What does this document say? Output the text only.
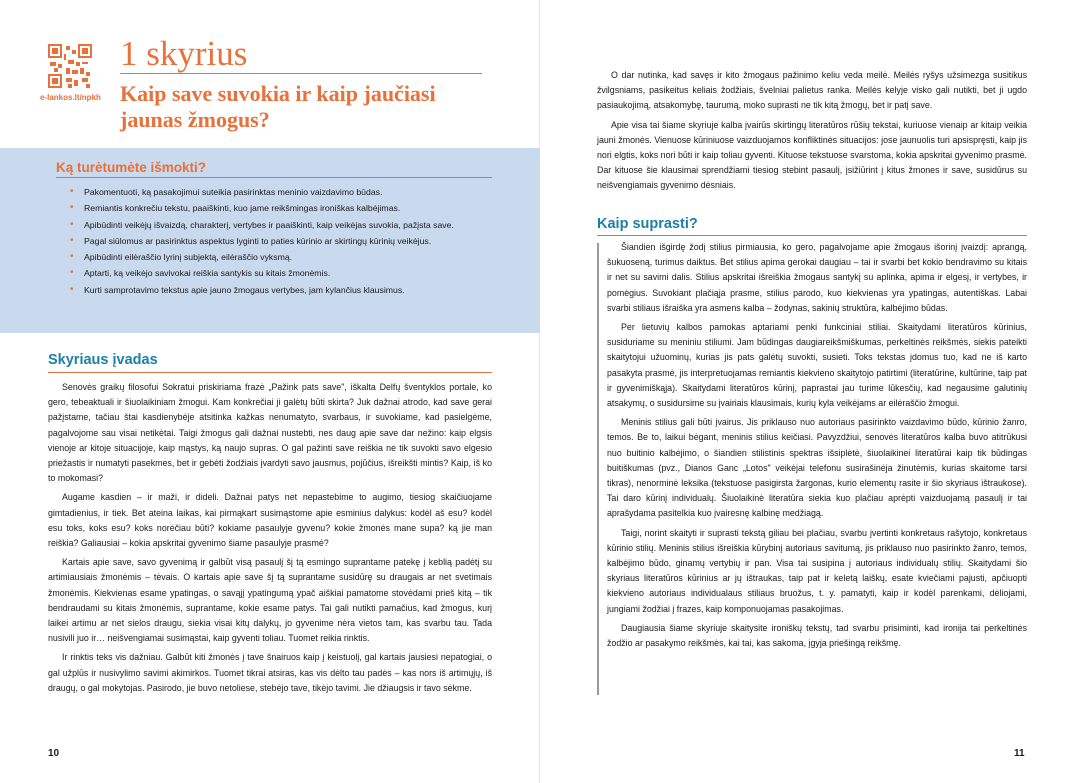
e-lankos.lt/npkh
1 skyrius
Kaip save suvokia ir kaip jaučiasi jaunas žmogus?
Ką turėtumėte išmokti?
• Pakomentuoti, ką pasakojimui suteikia pasirinktas meninio vaizdavimo būdas.
• Remiantis konkrečiu tekstu, paaiškinti, kuo jame reikšmingas ironiškas kalbėjimas.
• Apibūdinti veikėjų išvaizdą, charakterį, vertybes ir paaiškinti, kaip veikėjas suvokia, pažįsta save.
• Pagal siūlomus ar pasirinktus aspektus lyginti to paties kūrinio ar skirtingų kūrinių veikėjus.
• Apibūdinti eilėraščio lyrinį subjektą, eilėraščio vyksmą.
• Aptarti, ką veikėjo savivokai reiškia santykis su kitais žmonėmis.
• Kurti samprotavimo tekstus apie jauno žmogaus vertybes, jam kylančius klausimus.
Skyriaus įvadas

Senovės graikų filosofui Sokratui priskiriama frazė „Pažink pats save", iškalta Delfų šventyklos portale, ko gero, tebeaktuali ir šiuolaikiniam žmogui. Kam konkrečiai ji galėtų būti skirta? Juk dažnai atrodo, kad save gerai pažįstame, tačiau štai kasdienybėje atsitinka kažkas nenumatyto, svarbaus, ir suvokiame, kad pasielgėme, pagalvojome sau visai netikėtai. Taigi žmogus gali dažnai nustebti, nes daug apie save dar nežino: kaip elgsis vienoje ar kitoje situacijoje, kaip mąstys, ką naujo supras. O gal pažinti save reiškia ne tik suvokti savo elgesio priežastis ir numatyti pasekmes, bet ir gebėti žodžiais įvardyti savo jausmus, pojūčius, išreikšti mintis? Kaip, iš ko to mokomasi?

Augame kasdien – ir maži, ir dideli. Dažnai patys net nepastebime to augimo, tiesiog skaičiuojame gimtadienius, ir tiek. Bet ateina laikas, kai pirmąkart susimąstome apie esminius dalykus: kodėl aš esu? kodėl esu toks, koks esu? koks norėčiau būti? kokiame pasaulyje gyvenu? kokie žmonės mane supa? ką jie man reiškia? Galiausiai – kokia apskritai gyvenimo šiame pasaulyje prasmė?

Kartais apie save, savo gyvenimą ir galbūt visą pasaulį šį tą esmingo suprantame patekę į keblią padėtį su artimiausiais žmonėmis – tėvais. O kartais apie save šį tą suprantame susidūrę su draugais ar net svetimais žmonėmis. Kiekvienas esame ypatingas, o savąjį ypatingumą ypač aiškiai pamatome stovėdami prieš kitą – tik bendraudami su kitais žmonėmis, suprantame, kokie esame patys. Tai gali nutikti pamačius, kad žmogus, kurį laikei artimu ar net sielos draugu, siekia visai kitų dalykų, jo gyvenime nėra vietos tam, kas svarbu tau. Tada nusivili juo ir… neišvengiamai susimąstai, kaip gyventi toliau. Tuomet reikia rinktis.

Ir rinktis teks vis dažniau. Galbūt kiti žmonės į tave šnairuos kaip į keistuolį, gal kartais jausiesi nepatogiai, o gal užplūs ir nusivylimo savimi akimirkos. Tuomet tikrai atsiras, kas vis dėlto tau padės – kas nors iš artimųjų, iš draugų, o gal mokytojas. Pasirodo, jie buvo netoliese, stebėjo tave, tikėjo tavimi. Jie džiaugsis ir tavo sėkme.

10

O dar nutinka, kad savęs ir kito žmogaus pažinimo keliu veda meilė. Meilės ryšys užsimezga susitikus žvilgsniams, pasikeitus keliais žodžiais, švelniai palietus ranka. Meilės kelyje visko gali nutikti, bet ji ugdo pasiaukojimą, atsakomybę, taurumą, moko suprasti ne tik kitą žmogų, bet ir patį save.

Apie visa tai šiame skyriuje kalba įvairūs skirtingų literatūros rūšių tekstai, kuriuose vienaip ar kitaip veikia jauni žmonės. Vienuose kūriniuose vaizduojamos konfliktinės situacijos: jose jaunuolis turi apsispręsti, kaip jis nori elgtis, koks nori būti ir kaip toliau gyventi. Kituose tekstuose svarstoma, kokia apskritai gyvenimo prasmė. Dar kituose šie klausimai sprendžiami tiesiog stebint pasaulį, įsižiūrint į kitus žmones ir save, susidūrus su neišvengiamais gyvenimo dėsniais.

Kaip suprasti?

Šiandien išgirdę žodį stilius pirmiausia, ko gero, pagalvojame apie žmogaus išorinį įvaizdį: aprangą, šukuoseną, turimus daiktus. Bet stilius apima gerokai daugiau – tai ir svarbi bet kokio bendravimo su kitais ir net su savimi dalis. Stilius apskritai išreiškia žmogaus santykį su aplinka, apima ir elgesį, ir vertybes, ir pomėgius. Suvokiant plačiąja prasme, stilius parodo, kuo kiekvienas yra ypatingas, autentiškas. Labai svarbi stiliaus išraiška yra asmens kalba – žodynas, sakinių struktūra, kalbėjimo būdas.

Per lietuvių kalbos pamokas aptariami penki funkciniai stiliai. Skaitydami literatūros kūrinius, susiduriame su meniniu stiliumi. Jam būdingas daugiareikšmiškumas, perkeltinės reikšmės, siekis pateikti skaitytojui užuominų, kurias jis pats galėtų suvokti, susieti. Toks tekstas įdomus tuo, kad ne iš karto pasakyta prasmė, jis interpretuojamas remiantis kiekvieno skaitytojo patirtimi (literatūrine, kultūrine, taip pat ir gyvenimiškąja). Skaitydami literatūros kūrinį, paprastai jau turime lūkesčių, kad negausime galutinių atsakymų, o susidursime su įvairiais klausimais, kurių kyla veikėjams ar eilėraščio žmogui.

Meninis stilius gali būti įvairus. Jis priklauso nuo autoriaus pasirinkto vaizdavimo būdo, kūrinio žanro, temos. Be to, laikui bėgant, meninis stilius keičiasi. Pavyzdžiui, senovės literatūros kalba buvo atitrūkusi nuo buitinio kalbėjimo, o šiandien stilistinis spektras išsiplėtė, šiuolaikinei literatūrai kaip tik būdingas buitiškumas (pvz., Dianos Ganc „Lotos" veikėjai telefonu susirašinėja žinutėmis, kurias skaitome tarsi tikras), nenorminė leksika (tekstuose pasigirsta žargonas, kurio elementų rasite ir šio skyriaus ištraukose). Tai daro kūrinį individualų. Šiuolaikinė literatūra siekia kuo plačiau aprėpti vaizduojamą pasaulį ir tai aprašydama pasitelkia kuo įvairesnę kalbinę medžiagą.

Taigi, norint skaityti ir suprasti tekstą giliau bei plačiau, svarbu įvertinti konkretaus rašytojo, konkretaus kūrinio stilių. Meninis stilius išreiškia kūrybinį autoriaus savitumą, jis priklauso nuo pasirinkto žanro, temos, kalbėjimo būdo, ginamų vertybių ir pan. Visa tai susipina į autoriaus individualų stilių. Skaitydami šio skyriaus literatūros kūrinius ar jų ištraukas, taip pat ir keletą laiškų, esate kviečiami pajusti, apčiuopti kiekvieno autoriaus individualaus stiliaus bruožus, t. y. pamatyti, kaip ir kodėl parenkami, dėliojami, jungiami žodžiai į frazes, kaip komponuojamas pasakojimas.

Daugiausia šiame skyriuje skaitysite ironiškų tekstų, tad svarbu prisiminti, kad ironija tai perkeltinės žodžio ar pasakymo reikšmės, kai tai, kas sakoma, įgyja priešingą reikšmę.

11
